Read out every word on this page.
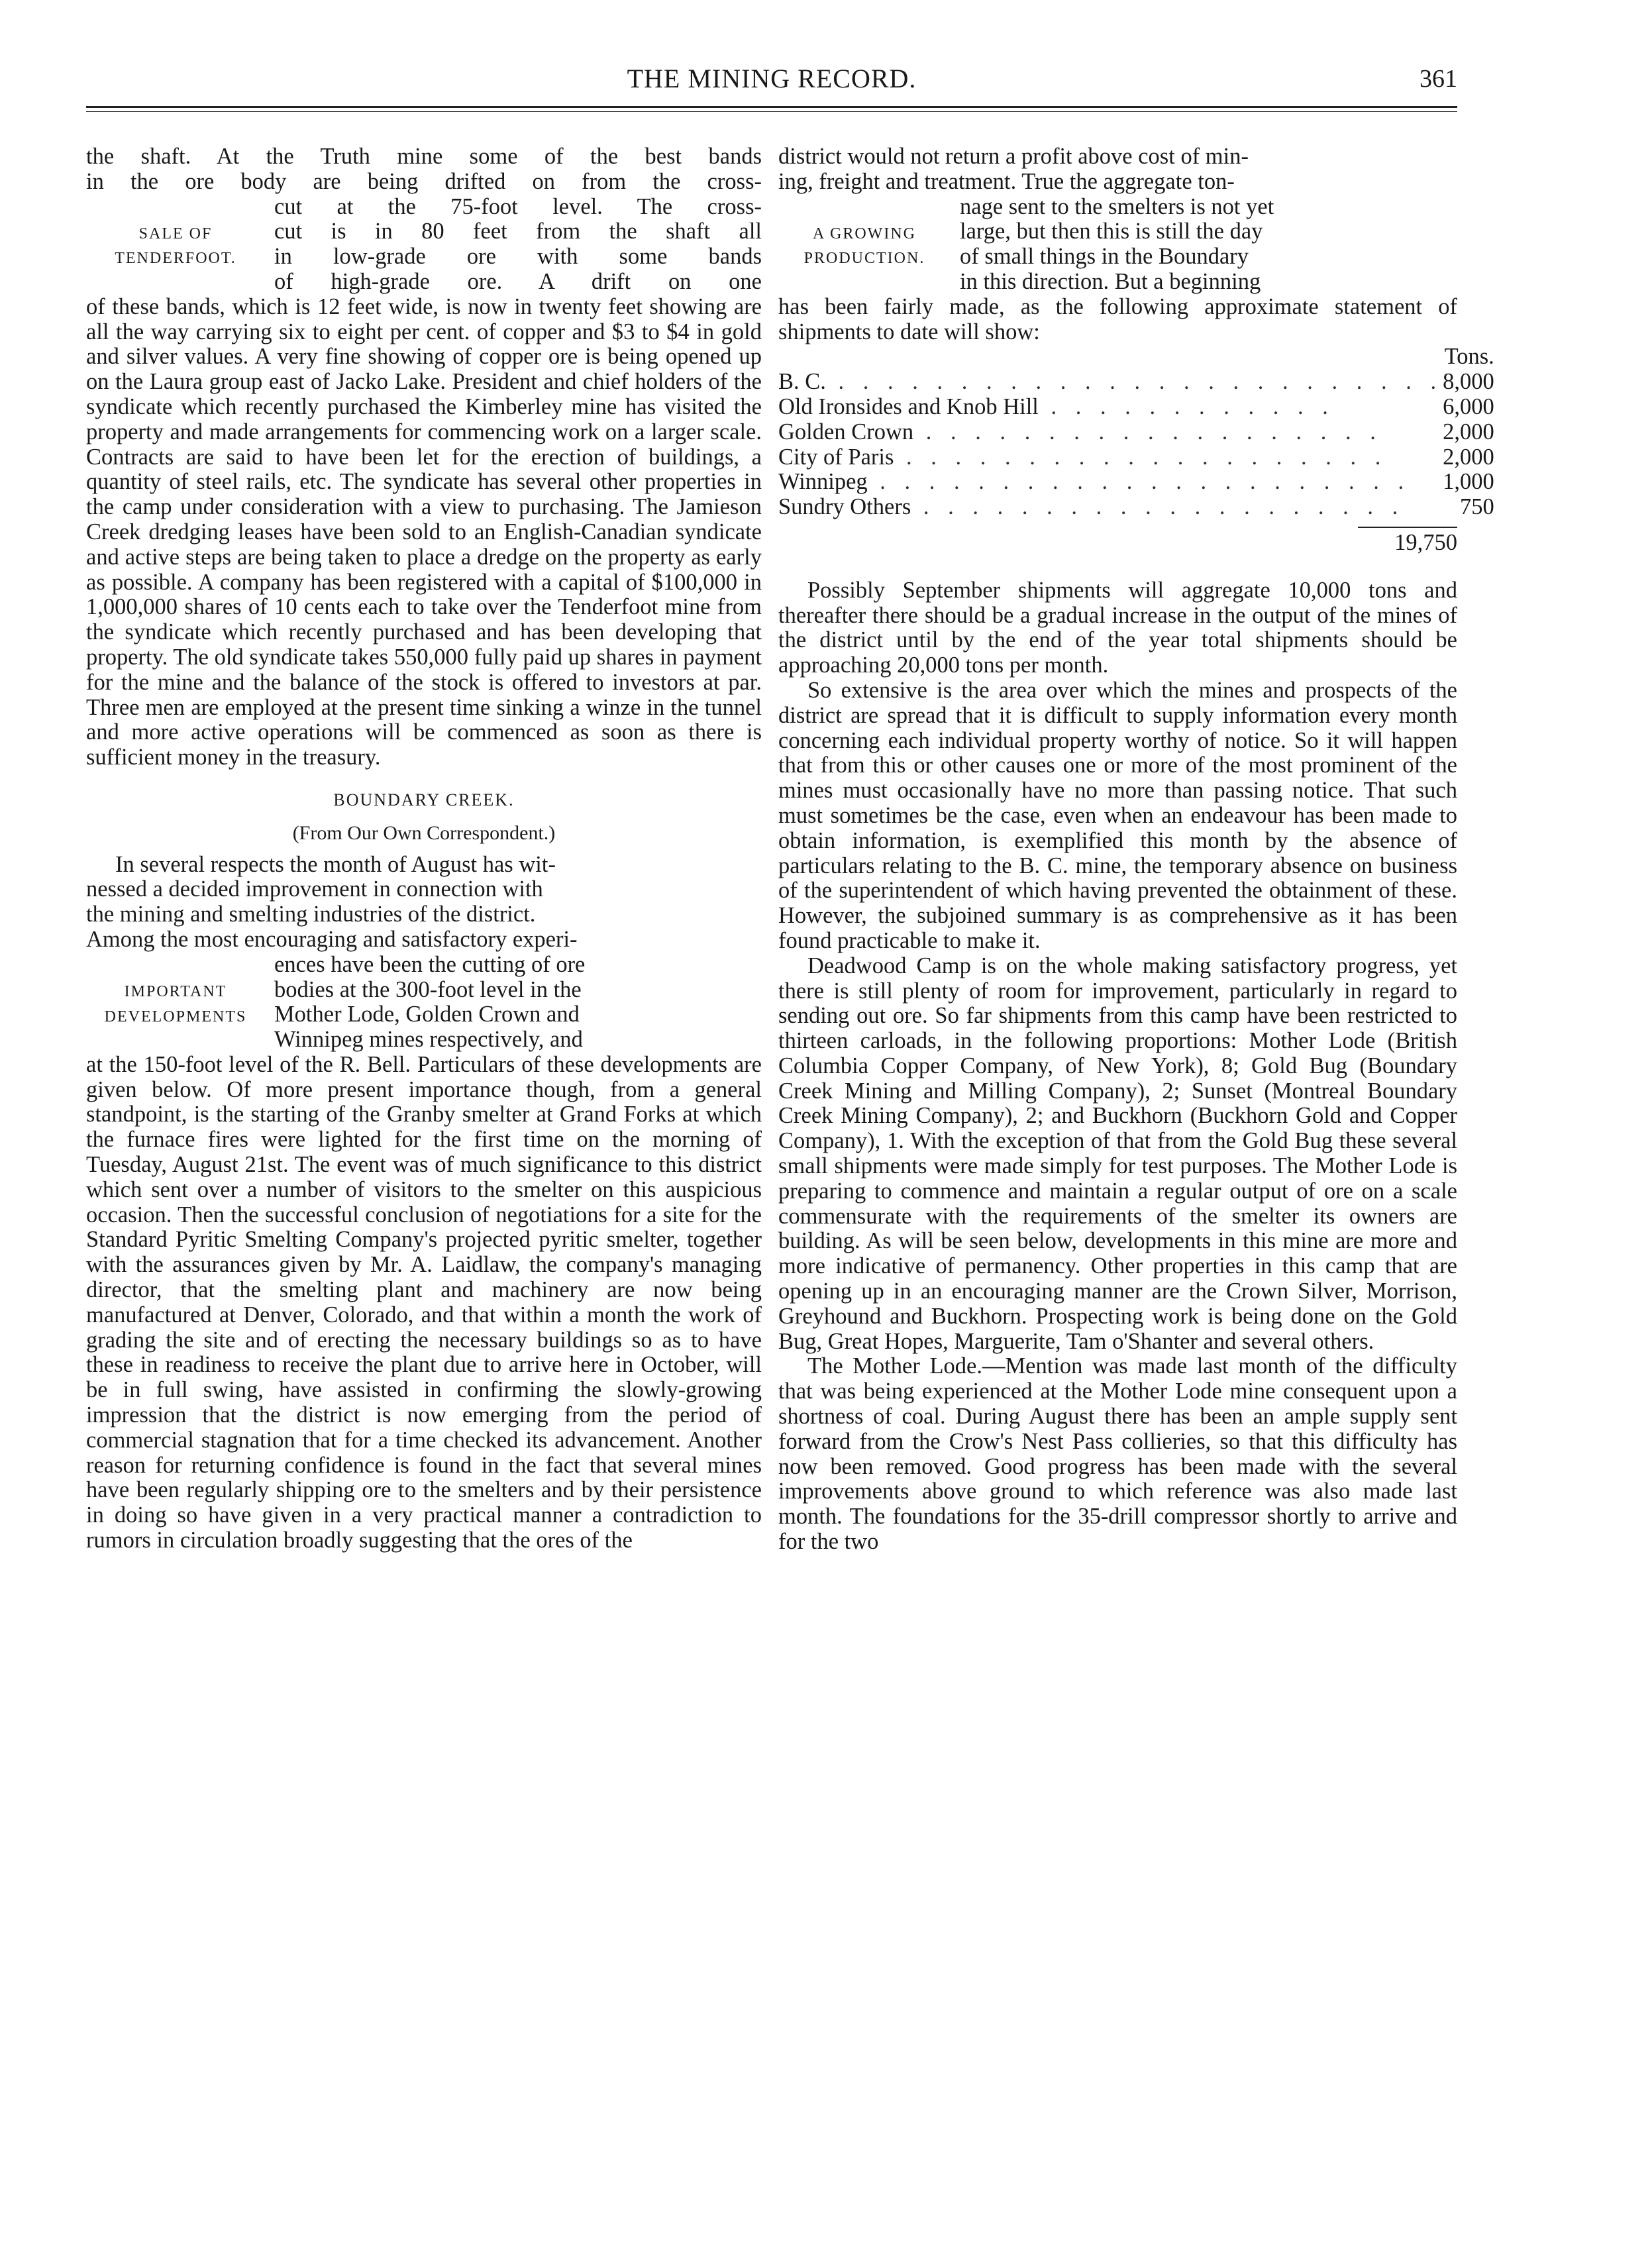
THE MINING RECORD.	361
the shaft. At the Truth mine some of the best bands
in the ore body are being drifted on from the cross-
SALE OF
TENDERFOOT.
cut at the 75-foot level. The cross-
cut is in 80 feet from the shaft all
in low-grade ore with some bands
of high-grade ore. A drift on one

of these bands, which is 12 feet wide, is now in twenty feet showing are all the way carrying six to eight per cent. of copper and $3 to $4 in gold and silver values. A very fine showing of copper ore is being opened up on the Laura group east of Jacko Lake. President and chief holders of the syndicate which recently purchased the Kimberley mine has visited the property and made arrangements for commencing work on a larger scale. Contracts are said to have been let for the erection of buildings, a quantity of steel rails, etc. The syndicate has several other properties in the camp under consideration with a view to purchasing. The Jamieson Creek dredging leases have been sold to an English-Canadian syndicate and active steps are being taken to place a dredge on the property as early as possible. A company has been registered with a capital of $100,000 in 1,000,000 shares of 10 cents each to take over the Tenderfoot mine from the syndicate which recently purchased and has been developing that property. The old syndicate takes 550,000 fully paid up shares in payment for the mine and the balance of the stock is offered to investors at par. Three men are employed at the present time sinking a winze in the tunnel and more active operations will be commenced as soon as there is sufficient money in the treasury.

BOUNDARY CREEK.
(From Our Own Correspondent.)
In several respects the month of August has wit-
nessed a decided improvement in connection with
the mining and smelting industries of the district.
Among the most encouraging and satisfactory experi-
IMPORTANT
DEVELOPMENTS
ences have been the cutting of ore
bodies at the 300-foot level in the
Mother Lode, Golden Crown and
Winnipeg mines respectively, and

at the 150-foot level of the R. Bell. Particulars of these developments are given below. Of more present importance though, from a general standpoint, is the starting of the Granby smelter at Grand Forks at which the furnace fires were lighted for the first time on the morning of Tuesday, August 21st. The event was of much significance to this district which sent over a number of visitors to the smelter on this auspicious occasion. Then the successful conclusion of negotiations for a site for the Standard Pyritic Smelting Company's projected pyritic smelter, together with the assurances given by Mr. A. Laidlaw, the company's managing director, that the smelting plant and machinery are now being manufactured at Denver, Colorado, and that within a month the work of grading the site and of erecting the necessary buildings so as to have these in readiness to receive the plant due to arrive here in October, will be in full swing, have assisted in confirming the slowly-growing impression that the district is now emerging from the period of commercial stagnation that for a time checked its advancement. Another reason for returning confidence is found in the fact that several mines have been regularly shipping ore to the smelters and by their persistence in doing so have given in a very practical manner a contradiction to rumors in circulation broadly suggesting that the ores of the

district would not return a profit above cost of min-
ing, freight and treatment. True the aggregate ton-
A GROWING
PRODUCTION.
nage sent to the smelters is not yet
large, but then this is still the day
of small things in the Boundary
in this direction. But a beginning

has been fairly made, as the following approximate statement of shipments to date will show:

	Tons.
B. C. . . . . . . . . . . . . . . . . . . . . . . . . .	8,000
Old Ironsides and Knob Hill . . . . . . . . . . . .	6,000
Golden Crown . . . . . . . . . . . . . . . . . . .	2,000
City of Paris . . . . . . . . . . . . . . . . . . . .	2,000
Winnipeg . . . . . . . . . . . . . . . . . . . . . .	1,000
Sundry Others . . . . . . . . . . . . . . . . . . . .	750
19,750

Possibly September shipments will aggregate 10,000 tons and thereafter there should be a gradual increase in the output of the mines of the district until by the end of the year total shipments should be approaching 20,000 tons per month.

So extensive is the area over which the mines and prospects of the district are spread that it is difficult to supply information every month concerning each individual property worthy of notice. So it will happen that from this or other causes one or more of the most prominent of the mines must occasionally have no more than passing notice. That such must sometimes be the case, even when an endeavour has been made to obtain information, is exemplified this month by the absence of particulars relating to the B. C. mine, the temporary absence on business of the superintendent of which having prevented the obtainment of these. However, the subjoined summary is as comprehensive as it has been found practicable to make it.

Deadwood Camp is on the whole making satisfactory progress, yet there is still plenty of room for improvement, particularly in regard to sending out ore. So far shipments from this camp have been restricted to thirteen carloads, in the following proportions: Mother Lode (British Columbia Copper Company, of New York), 8; Gold Bug (Boundary Creek Mining and Milling Company), 2; Sunset (Montreal Boundary Creek Mining Company), 2; and Buckhorn (Buckhorn Gold and Copper Company), 1. With the exception of that from the Gold Bug these several small shipments were made simply for test purposes. The Mother Lode is preparing to commence and maintain a regular output of ore on a scale commensurate with the requirements of the smelter its owners are building. As will be seen below, developments in this mine are more and more indicative of permanency. Other properties in this camp that are opening up in an encouraging manner are the Crown Silver, Morrison, Greyhound and Buckhorn. Prospecting work is being done on the Gold Bug, Great Hopes, Marguerite, Tam o'Shanter and several others.

The Mother Lode.—Mention was made last month of the difficulty that was being experienced at the Mother Lode mine consequent upon a shortness of coal. During August there has been an ample supply sent forward from the Crow's Nest Pass collieries, so that this difficulty has now been removed. Good progress has been made with the several improvements above ground to which reference was also made last month. The foundations for the 35-drill compressor shortly to arrive and for the two
